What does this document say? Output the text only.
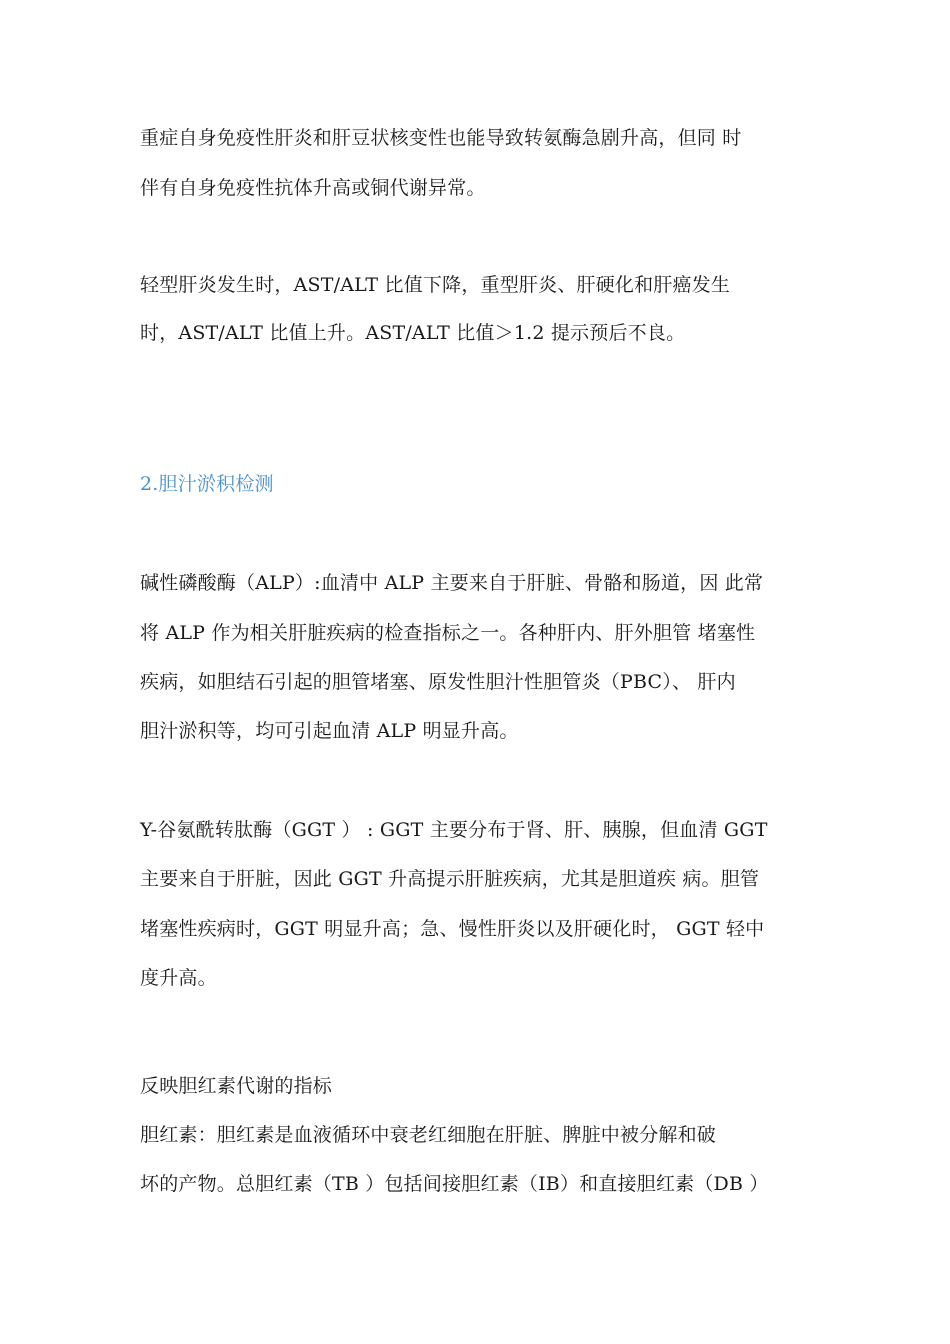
重症自身免疫性肝炎和肝豆状核变性也能导致转氨酶急剧升高，但同 时
伴有自身免疫性抗体升高或铜代谢异常。
轻型肝炎发生时，AST/ALT 比值下降，重型肝炎、肝硬化和肝癌发生
时，AST/ALT 比值上升。AST/ALT 比值＞1.2 提示预后不良。
2.胆汁淤积检测
碱性磷酸酶（ALP）:血清中 ALP 主要来自于肝脏、骨骼和肠道，因 此常
将 ALP 作为相关肝脏疾病的检查指标之一。各种肝内、肝外胆管 堵塞性
疾病，如胆结石引起的胆管堵塞、原发性胆汁性胆管炎（PBC）、 肝内
胆汁淤积等，均可引起血清 ALP 明显升高。
Y-谷氨酰转肽酶（GGT ） : GGT 主要分布于肾、肝、胰腺，但血清 GGT
主要来自于肝脏，因此 GGT 升高提示肝脏疾病，尤其是胆道疾 病。胆管
堵塞性疾病时，GGT 明显升高；急、慢性肝炎以及肝硬化时， GGT 轻中
度升高。
反映胆红素代谢的指标
胆红素：胆红素是血液循环中衰老红细胞在肝脏、脾脏中被分解和破
坏的产物。总胆红素（TB ）包括间接胆红素（IB）和直接胆红素（DB ）
